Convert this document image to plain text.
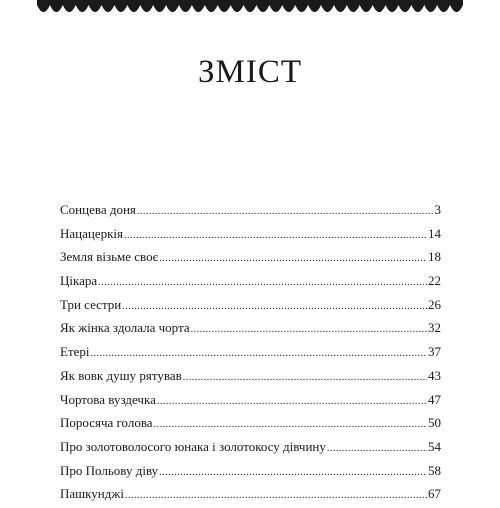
ЗМІСТ
Сонцева доня .....	3
Нацацеркія .....	14
Земля візьме своє .....	18
Цікара .....	22
Три сестри .....	26
Як жінка здолала чорта .....	32
Етері .....	37
Як вовк душу рятував .....	43
Чортова вуздечка .....	47
Поросяча голова .....	50
Про золотоволосого юнака і золотокосу дівчину .....	54
Про Польову діву .....	58
Пашкунджі .....	67
